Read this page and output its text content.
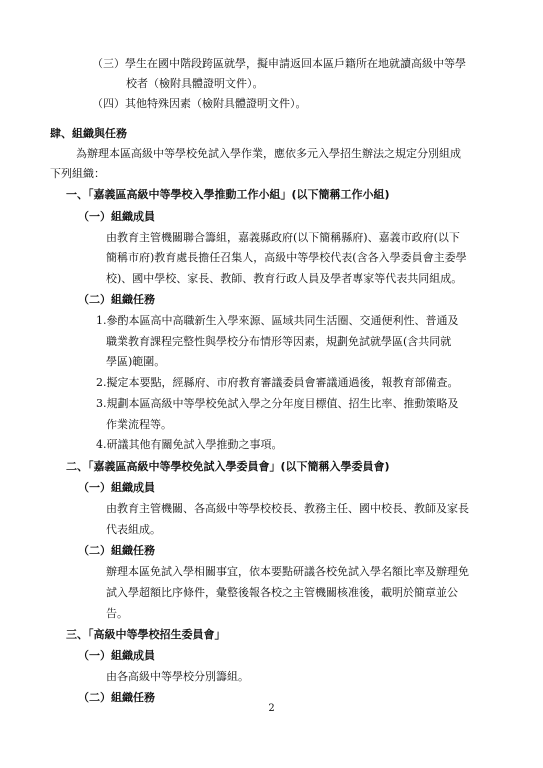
（三）學生在國中階段跨區就學，擬申請返回本區戶籍所在地就讀高級中等學
校者（檢附具體證明文件）。
（四）其他特殊因素（檢附具體證明文件）。
肆、組織與任務
為辦理本區高級中等學校免試入學作業，應依多元入學招生辦法之規定分別組成
下列組織：
一、「嘉義區高級中等學校入學推動工作小組」(以下簡稱工作小組)
（一）組織成員
由教育主管機關聯合籌組，嘉義縣政府(以下簡稱縣府)、嘉義市政府(以下
簡稱市府)教育處長擔任召集人，高級中等學校代表(含各入學委員會主委學
校)、國中學校、家長、教師、教育行政人員及學者專家等代表共同組成。
（二）組織任務
1.參酌本區高中高職新生入學來源、區域共同生活圈、交通便利性、普通及
職業教育課程完整性與學校分布情形等因素，規劃免試就學區(含共同就
學區)範圍。
2.擬定本要點，經縣府、市府教育審議委員會審議通過後，報教育部備查。
3.規劃本區高級中等學校免試入學之分年度目標值、招生比率、推動策略及
作業流程等。
4.研議其他有關免試入學推動之事項。
二、「嘉義區高級中等學校免試入學委員會」(以下簡稱入學委員會)
（一）組織成員
由教育主管機關、各高級中等學校校長、教務主任、國中校長、教師及家長
代表組成。
（二）組織任務
辦理本區免試入學相關事宜，依本要點研議各校免試入學名額比率及辦理免
試入學超額比序條件，彙整後報各校之主管機關核准後，載明於簡章並公
告。
三、「高級中等學校招生委員會」
（一）組織成員
由各高級中等學校分別籌組。
（二）組織任務
2
